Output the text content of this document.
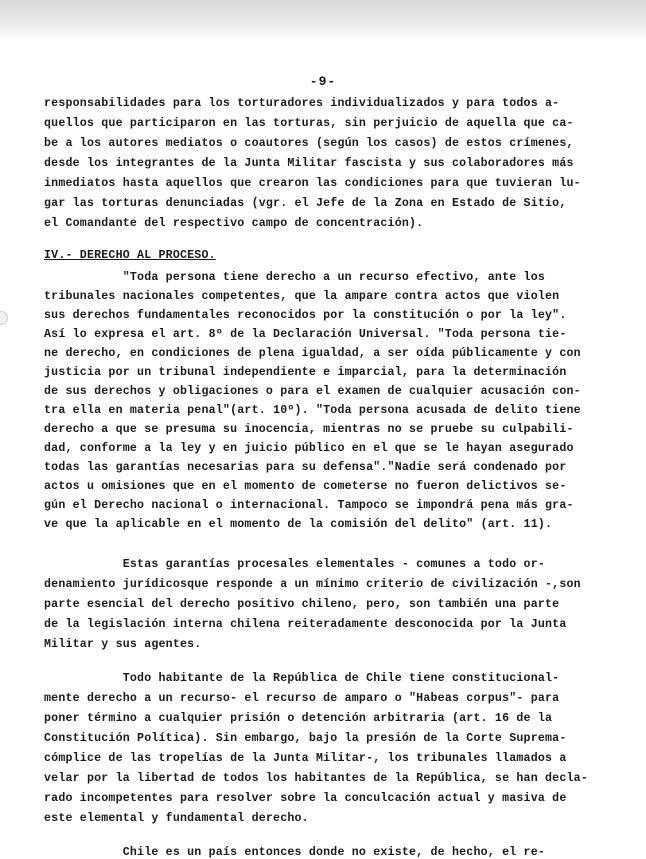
-9-
responsabilidades para los torturadores individualizados y para todos a-
quellos que participaron en las torturas, sin perjuicio de aquella que ca-
be a los autores mediatos o coautores (según los casos) de estos crímenes,
desde los integrantes de la Junta Militar fascista y sus colaboradores más
inmediatos hasta aquellos que crearon las condiciones para que tuvieran lu-
gar las torturas denunciadas (vgr. el Jefe de la Zona en Estado de Sitio,
el Comandante del respectivo campo de concentración).
IV.- DERECHO AL PROCESO.
"Toda persona tiene derecho a un recurso efectivo, ante los
tribunales nacionales competentes, que la ampare contra actos que violen
sus derechos fundamentales reconocidos por la constitución o por la ley".
Así lo expresa el art. 8º de la Declaración Universal. "Toda persona tie-
ne derecho, en condiciones de plena igualdad, a ser oída públicamente y con
justicia por un tribunal independiente e imparcial, para la determinación
de sus derechos y obligaciones o para el examen de cualquier acusación con-
tra ella en materia penal"(art. 10º). "Toda persona acusada de delito tiene
derecho a que se presuma su inocencia, mientras no se pruebe su culpabili-
dad, conforme a la ley y en juicio público en el que se le hayan asegurado
todas las garantías necesarias para su defensa"."Nadie será condenado por
actos u omisiones que en el momento de cometerse no fueron delictivos se-
gún el Derecho nacional o internacional. Tampoco se impondrá pena más gra-
ve que la aplicable en el momento de la comisión del delito" (art. 11).
Estas garantías procesales elementales - comunes a todo or-
denamiento jurídicosque responde a un mínimo criterio de civilización -,son
parte esencial del derecho positivo chileno, pero, son también una parte
de la legislación interna chilena reiteradamente desconocida por la Junta
Militar y sus agentes.
Todo habitante de la República de Chile tiene constitucional-
mente derecho a un recurso- el recurso de amparo o "Habeas corpus"- para
poner término a cualquier prisión o detención arbitraria (art. 16 de la
Constitución Política). Sin embargo, bajo la presión de la Corte Suprema-
cómplice de las tropelías de la Junta Militar-, los tribunales llamados a
velar por la libertad de todos los habitantes de la República, se han decla-
rado incompetentes para resolver sobre la conculcación actual y masiva de
este elemental y fundamental derecho.
Chile es un país entonces donde no existe, de hecho, el re-
